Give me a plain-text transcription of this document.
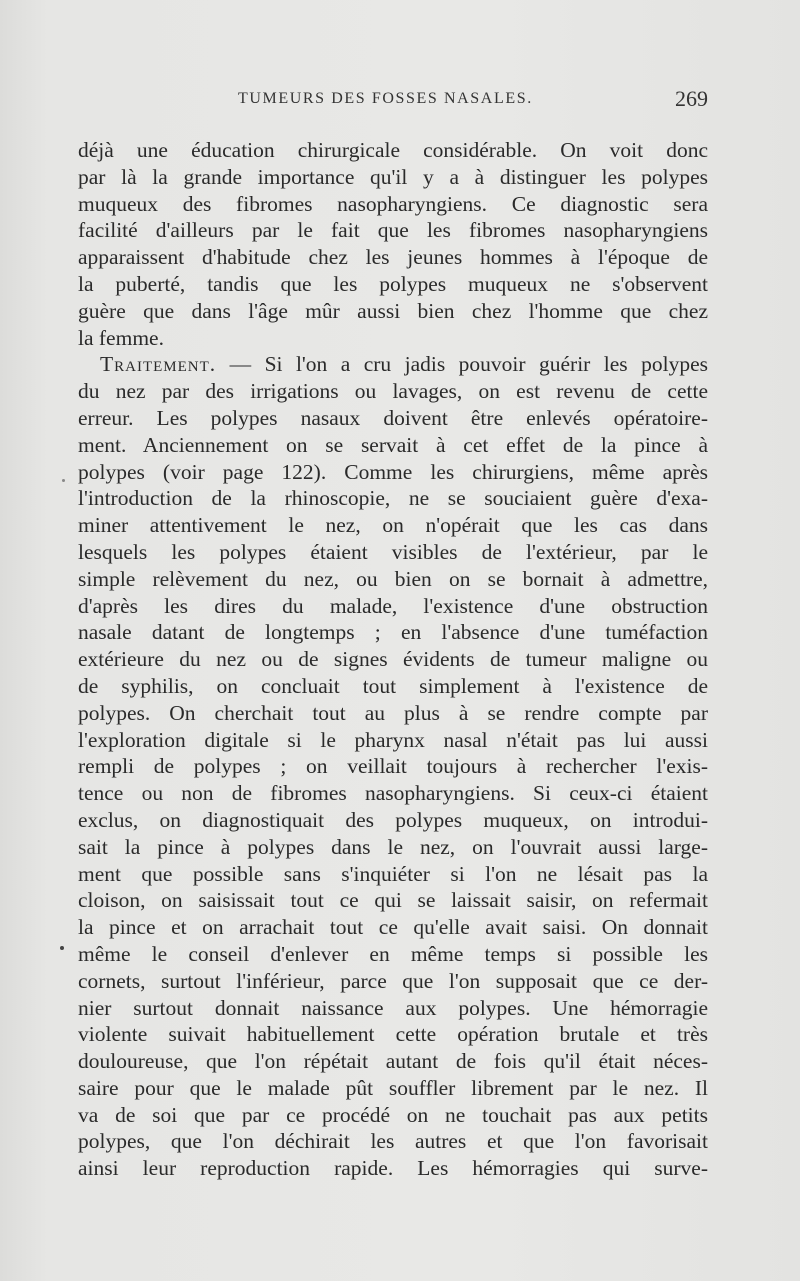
TUMEURS DES FOSSES NASALES.	269
déjà une éducation chirurgicale considérable. On voit donc
par là la grande importance qu'il y a à distinguer les polypes
muqueux des fibromes nasopharyngiens. Ce diagnostic sera
facilité d'ailleurs par le fait que les fibromes nasopharyngiens
apparaissent d'habitude chez les jeunes hommes à l'époque de
la puberté, tandis que les polypes muqueux ne s'observent
guère que dans l'âge mûr aussi bien chez l'homme que chez
la femme.
Traitement. — Si l'on a cru jadis pouvoir guérir les polypes
du nez par des irrigations ou lavages, on est revenu de cette
erreur. Les polypes nasaux doivent être enlevés opératoire-
ment. Anciennement on se servait à cet effet de la pince à
polypes (voir page 122). Comme les chirurgiens, même après
l'introduction de la rhinoscopie, ne se souciaient guère d'exa-
miner attentivement le nez, on n'opérait que les cas dans
lesquels les polypes étaient visibles de l'extérieur, par le
simple relèvement du nez, ou bien on se bornait à admettre,
d'après les dires du malade, l'existence d'une obstruction
nasale datant de longtemps ; en l'absence d'une tuméfaction
extérieure du nez ou de signes évidents de tumeur maligne ou
de syphilis, on concluait tout simplement à l'existence de
polypes. On cherchait tout au plus à se rendre compte par
l'exploration digitale si le pharynx nasal n'était pas lui aussi
rempli de polypes ; on veillait toujours à rechercher l'exis-
tence ou non de fibromes nasopharyngiens. Si ceux-ci étaient
exclus, on diagnostiquait des polypes muqueux, on introdui-
sait la pince à polypes dans le nez, on l'ouvrait aussi large-
ment que possible sans s'inquiéter si l'on ne lésait pas la
cloison, on saisissait tout ce qui se laissait saisir, on refermait
la pince et on arrachait tout ce qu'elle avait saisi. On donnait
même le conseil d'enlever en même temps si possible les
cornets, surtout l'inférieur, parce que l'on supposait que ce der-
nier surtout donnait naissance aux polypes. Une hémorragie
violente suivait habituellement cette opération brutale et très
douloureuse, que l'on répétait autant de fois qu'il était néces-
saire pour que le malade pût souffler librement par le nez. Il
va de soi que par ce procédé on ne touchait pas aux petits
polypes, que l'on déchirait les autres et que l'on favorisait
ainsi leur reproduction rapide. Les hémorragies qui surve-
